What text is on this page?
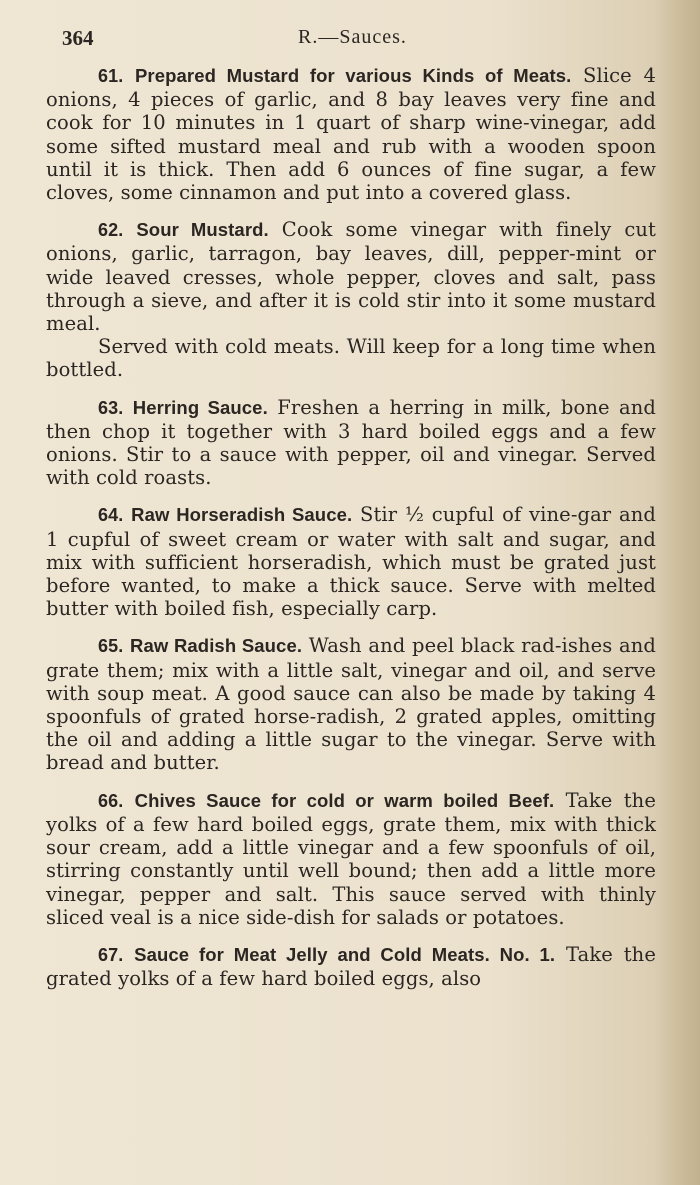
364	R.—Sauces.

61. Prepared Mustard for various Kinds of Meats. Slice 4 onions, 4 pieces of garlic, and 8 bay leaves very fine and cook for 10 minutes in 1 quart of sharp wine-vinegar, add some sifted mustard meal and rub with a wooden spoon until it is thick. Then add 6 ounces of fine sugar, a few cloves, some cinnamon and put into a covered glass.

62. Sour Mustard. Cook some vinegar with finely cut onions, garlic, tarragon, bay leaves, dill, pepper-mint or wide leaved cresses, whole pepper, cloves and salt, pass through a sieve, and after it is cold stir into it some mustard meal.

Served with cold meats. Will keep for a long time when bottled.

63. Herring Sauce. Freshen a herring in milk, bone and then chop it together with 3 hard boiled eggs and a few onions. Stir to a sauce with pepper, oil and vinegar. Served with cold roasts.

64. Raw Horseradish Sauce. Stir ½ cupful of vine-gar and 1 cupful of sweet cream or water with salt and sugar, and mix with sufficient horseradish, which must be grated just before wanted, to make a thick sauce. Serve with melted butter with boiled fish, especially carp.

65. Raw Radish Sauce. Wash and peel black rad-ishes and grate them; mix with a little salt, vinegar and oil, and serve with soup meat. A good sauce can also be made by taking 4 spoonfuls of grated horse-radish, 2 grated apples, omitting the oil and adding a little sugar to the vinegar. Serve with bread and butter.

66. Chives Sauce for cold or warm boiled Beef. Take the yolks of a few hard boiled eggs, grate them, mix with thick sour cream, add a little vinegar and a few spoonfuls of oil, stirring constantly until well bound; then add a little more vinegar, pepper and salt. This sauce served with thinly sliced veal is a nice side-dish for salads or potatoes.

67. Sauce for Meat Jelly and Cold Meats. No. 1. Take the grated yolks of a few hard boiled eggs, also
